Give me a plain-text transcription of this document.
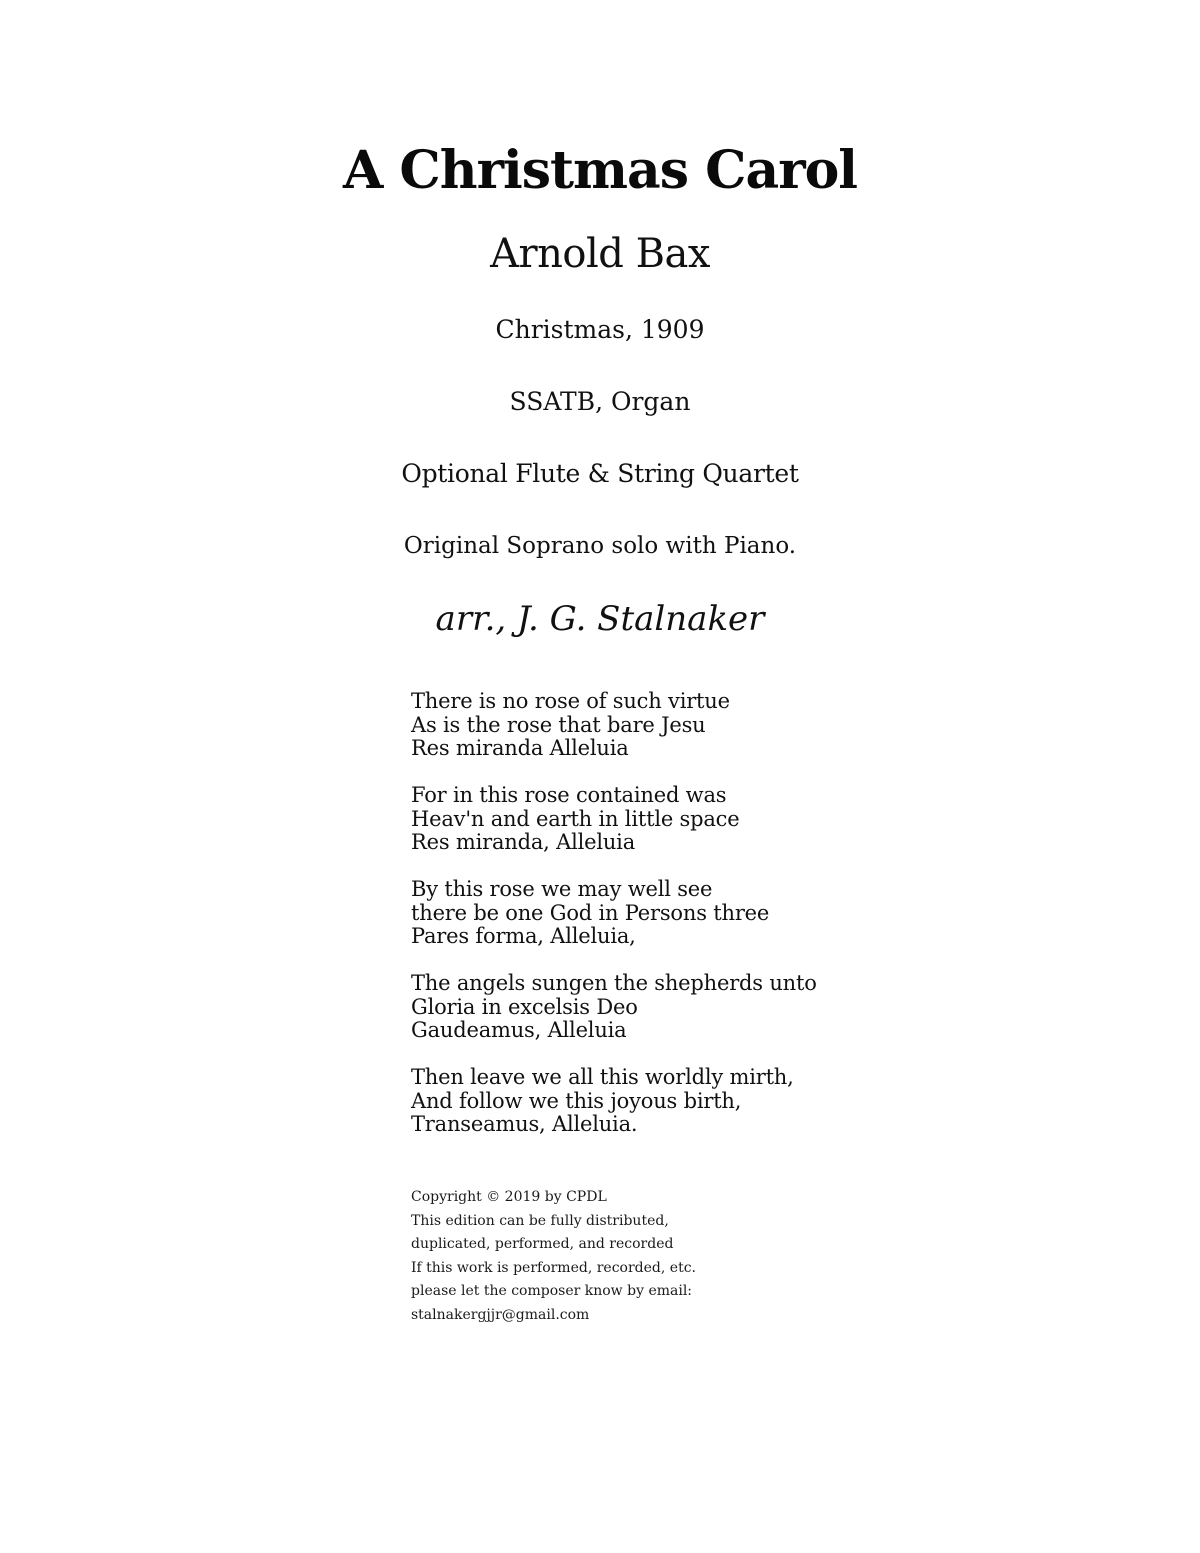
A Christmas Carol
Arnold Bax
Christmas, 1909
SSATB, Organ
Optional Flute & String Quartet
Original Soprano solo with Piano.
arr., J. G. Stalnaker
There is no rose of such virtue
As is the rose that bare Jesu
Res miranda Alleluia
For in this rose contained was
Heav'n and earth in little space
Res miranda, Alleluia
By this rose we may well see
there be one God in Persons three
Pares forma, Alleluia,
The angels sungen the shepherds unto
Gloria in excelsis Deo
Gaudeamus, Alleluia
Then leave we all this worldly mirth,
And follow we this joyous birth,
Transeamus, Alleluia.
Copyright © 2019 by CPDL
This edition can be fully distributed,
duplicated, performed, and recorded
If this work is performed, recorded, etc.
please let the composer know by email:
stalnakergjjr@gmail.com
